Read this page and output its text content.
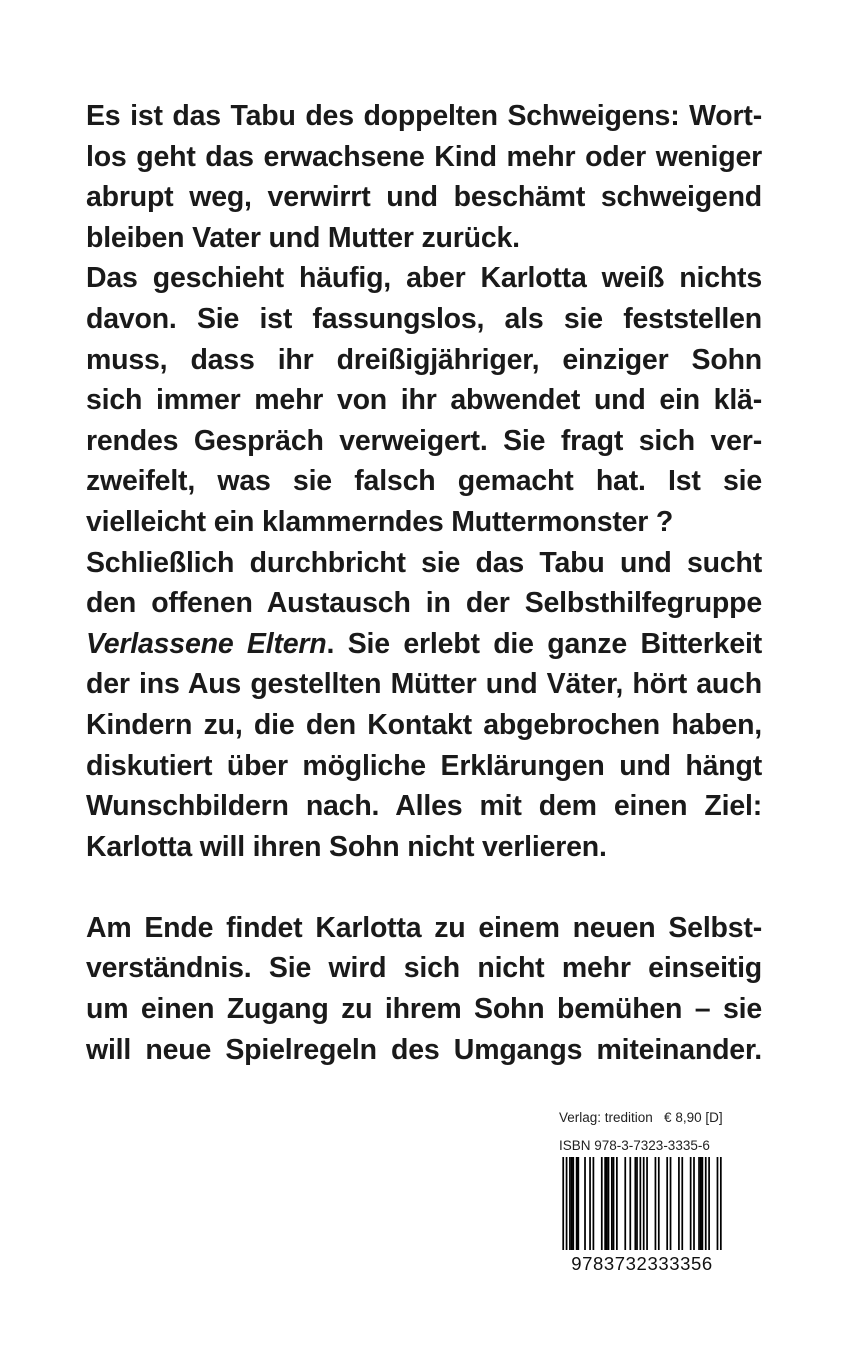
Es ist das Tabu des doppelten Schweigens: Wort-
los geht das erwachsene Kind mehr oder weniger
abrupt weg, verwirrt und beschämt schweigend
bleiben Vater und Mutter zurück.
Das geschieht häufig, aber Karlotta weiß nichts
davon. Sie ist fassungslos, als sie feststellen
muss, dass ihr dreißigjähriger, einziger Sohn
sich immer mehr von ihr abwendet und ein klä-
rendes Gespräch verweigert. Sie fragt sich ver-
zweifelt, was sie falsch gemacht hat. Ist sie
vielleicht ein klammerndes Muttermonster ?
Schließlich durchbricht sie das Tabu und sucht
den offenen Austausch in der Selbsthilfegruppe
Verlassene Eltern. Sie erlebt die ganze Bitterkeit
der ins Aus gestellten Mütter und Väter, hört auch
Kindern zu, die den Kontakt abgebrochen haben,
diskutiert über mögliche Erklärungen und hängt
Wunschbildern nach. Alles mit dem einen Ziel:
Karlotta will ihren Sohn nicht verlieren.
Am Ende findet Karlotta zu einem neuen Selbst-
verständnis. Sie wird sich nicht mehr einseitig
um einen Zugang zu ihrem Sohn bemühen – sie
will neue Spielregeln des Umgangs miteinander.
Verlag: tredition   € 8,90 [D]
ISBN 978-3-7323-3335-6
9783732333356
